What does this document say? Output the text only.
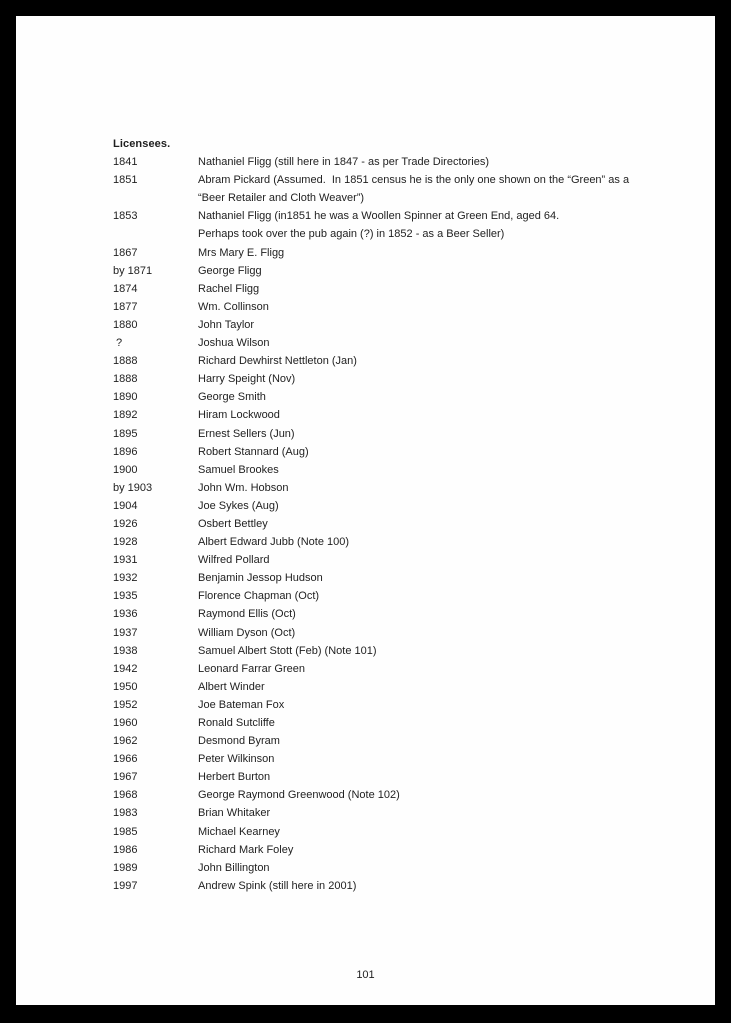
Licensees.
1841	Nathaniel Fligg (still here in 1847 - as per Trade Directories)
1851	Abram Pickard (Assumed.  In 1851 census he is the only one shown on the “Green” as a
“Beer Retailer and Cloth Weaver”)
1853	Nathaniel Fligg (in1851 he was a Woollen Spinner at Green End, aged 64.
Perhaps took over the pub again (?) in 1852 - as a Beer Seller)
1867	Mrs Mary E. Fligg
by 1871	George Fligg
1874	Rachel Fligg
1877	Wm. Collinson
1880	John Taylor
?	Joshua Wilson
1888	Richard Dewhirst Nettleton (Jan)
1888	Harry Speight (Nov)
1890	George Smith
1892	Hiram Lockwood
1895	Ernest Sellers (Jun)
1896	Robert Stannard (Aug)
1900	Samuel Brookes
by 1903	John Wm. Hobson
1904	Joe Sykes (Aug)
1926	Osbert Bettley
1928	Albert Edward Jubb (Note 100)
1931	Wilfred Pollard
1932	Benjamin Jessop Hudson
1935	Florence Chapman (Oct)
1936	Raymond Ellis (Oct)
1937	William Dyson (Oct)
1938	Samuel Albert Stott (Feb) (Note 101)
1942	Leonard Farrar Green
1950	Albert Winder
1952	Joe Bateman Fox
1960	Ronald Sutcliffe
1962	Desmond Byram
1966	Peter Wilkinson
1967	Herbert Burton
1968	George Raymond Greenwood (Note 102)
1983	Brian Whitaker
1985	Michael Kearney
1986	Richard Mark Foley
1989	John Billington
1997	Andrew Spink (still here in 2001)
101
